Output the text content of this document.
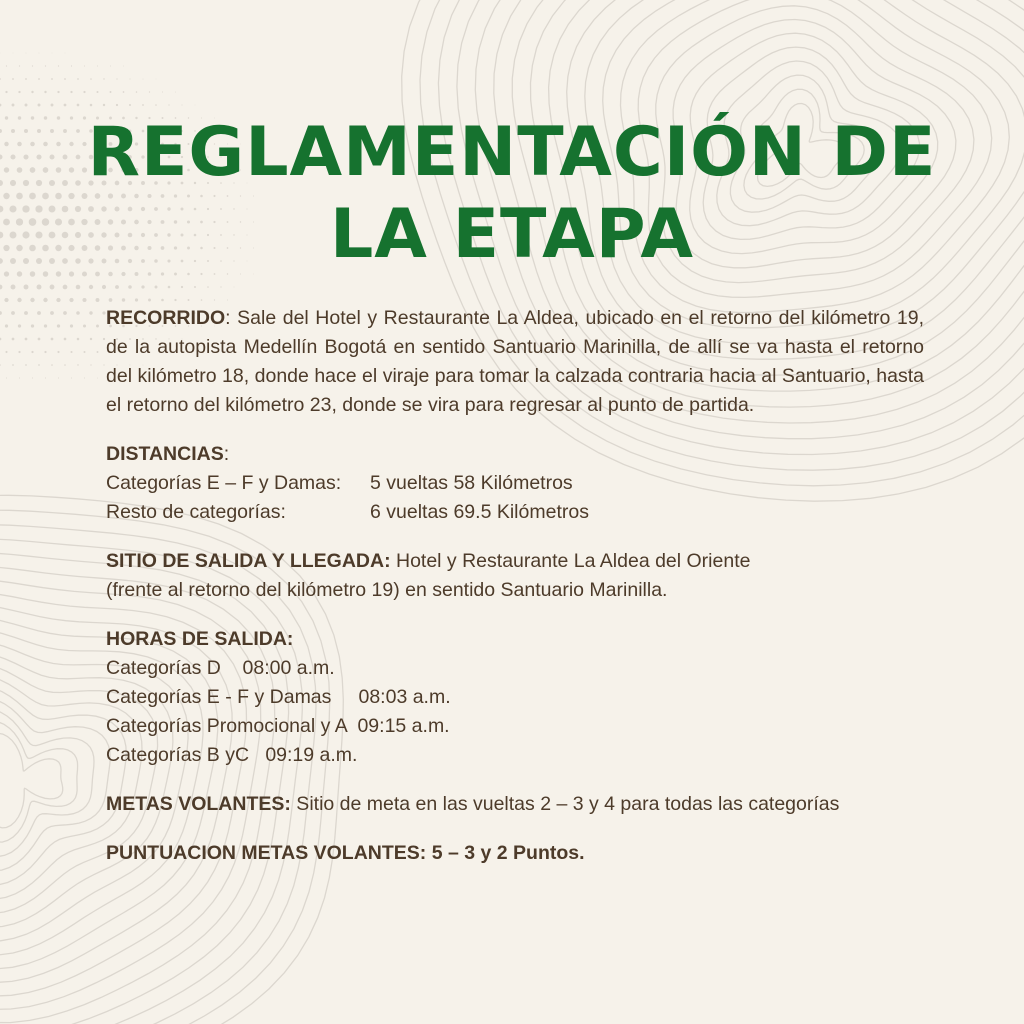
REGLAMENTACIÓN DE
LA ETAPA

RECORRIDO: Sale del Hotel y Restaurante La Aldea, ubicado en el retorno del kilómetro 19, de la autopista Medellín Bogotá en sentido Santuario Marinilla, de allí se va hasta el retorno del kilómetro 18, donde hace el viraje para tomar la calzada contraria hacia al Santuario, hasta el retorno del kilómetro 23, donde se vira para regresar al punto de partida.

DISTANCIAS:
Categorías E – F y Damas: 5 vueltas 58 Kilómetros
Resto de categorías:	6 vueltas 69.5 Kilómetros
SITIO DE SALIDA Y LLEGADA: Hotel y Restaurante La Aldea del Oriente
(frente al retorno del kilómetro 19) en sentido Santuario Marinilla.
HORAS DE SALIDA:
Categorías D    08:00 a.m.
Categorías E - F y Damas     08:03 a.m.
Categorías Promocional y A  09:15 a.m.
Categorías B yC   09:19 a.m.

METAS VOLANTES: Sitio de meta en las vueltas 2 – 3 y 4 para todas las categorías

PUNTUACION METAS VOLANTES: 5 – 3 y 2 Puntos.
